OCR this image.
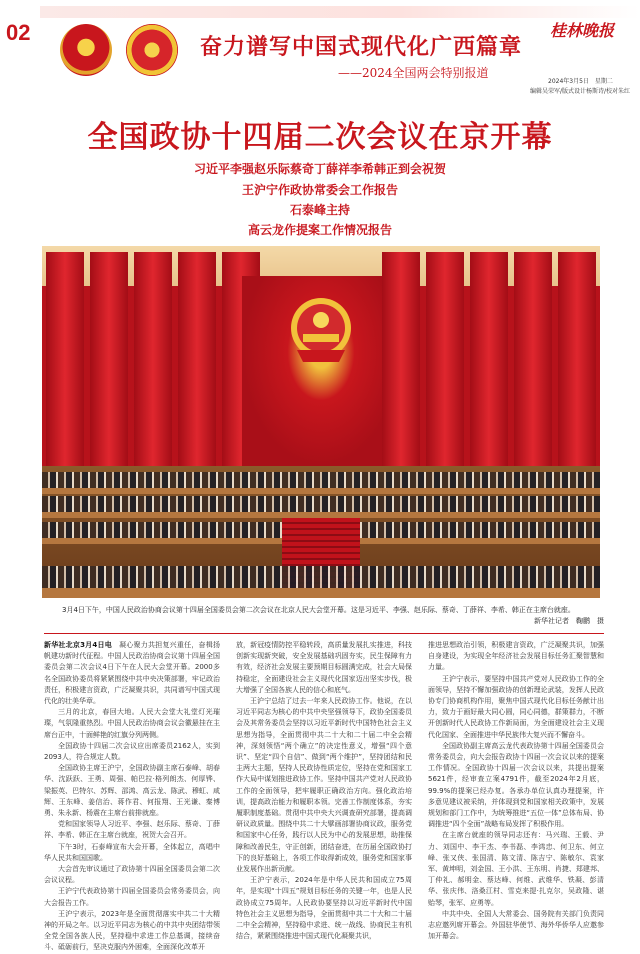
02
奋力谱写中国式现代化广西篇章
——2024全国两会特别报道
桂林晚报
2024年3月5日　星期二
编辑吴荣军/版式设计杨斯诗/校对朱红
全国政协十四届二次会议在京开幕
习近平李强赵乐际蔡奇丁薛祥李希韩正到会祝贺
王沪宁作政协常委会工作报告
石泰峰主持
高云龙作提案工作情况报告
3月4日下午，中国人民政治协商会议第十四届全国委员会第二次会议在北京人民大会堂开幕。这是习近平、李强、赵乐际、蔡奇、丁薛祥、李希、韩正在主席台就座。
新华社记者　鞠鹏　摄

新华社北京3月4日电　 凝心聚力共担复兴重任，奋楫扬帆建功新时代征程。中国人民政治协商会议第十四届全国委员会第二次会议4日下午在人民大会堂开幕。2000多名全国政协委员将紧紧围绕中共中央决策部署，牢记政治责任，积极建言资政，广泛凝聚共识，共同谱写中国式现代化的壮美华章。

三月的北京，春回大地。人民大会堂大礼堂灯光璀璨，气氛隆重热烈。中国人民政治协商会议会徽悬挂在主席台正中，十面鲜艳的红旗分列两侧。

全国政协十四届二次会议应出席委员2162人，实到2093人，符合规定人数。

全国政协主席王沪宁，全国政协副主席石泰峰、胡春华、沈跃跃、王勇、周强、帕巴拉·格列朗杰、何厚铧、梁振英、巴特尔、苏辉、邵鸿、高云龙、陈武、穆虹、咸辉、王东峰、姜信治、蒋作君、何报翔、王光谦、秦博勇、朱永新、杨震在主席台前排就座。

党和国家领导人习近平、李强、赵乐际、蔡奇、丁薛祥、李希、韩正在主席台就座，祝贺大会召开。

下午3时，石泰峰宣布大会开幕，全体起立，高唱中华人民共和国国歌。

大会首先审议通过了政协第十四届全国委员会第二次会议议程。

王沪宁代表政协第十四届全国委员会常务委员会，向大会报告工作。

王沪宁表示，2023年是全面贯彻落实中共二十大精神的开局之年。以习近平同志为核心的中共中央团结带领全党全国各族人民，坚持稳中求进工作总基调，接续奋斗、砥砺前行，坚决克服内外困难，全面深化改革开

放，新冠疫情防控平稳转段，高质量发展扎实推进，科技创新实现新突破，安全发展基础巩固夯实，民生保障有力有效，经济社会发展主要预期目标圆满完成，社会大局保持稳定，全面建设社会主义现代化国家迈出坚实步伐，极大增强了全国各族人民的信心和底气。

王沪宁总结了过去一年来人民政协工作。他说，在以习近平同志为核心的中共中央坚强领导下，政协全国委员会及其常务委员会坚持以习近平新时代中国特色社会主义思想为指导，全面贯彻中共二十大和二十届二中全会精神，深刻领悟“两个确立”的决定性意义，增强“四个意识”、坚定“四个自信”、做到“两个维护”，坚持团结和民主两大主题，坚持人民政协性质定位，坚持在党和国家工作大局中谋划推进政协工作。坚持中国共产党对人民政协工作的全面领导，把牢履职正确政治方向。强化政治培训，提高政治能力和履职本领。完善工作制度体系，夯实履职制度基础。贯彻中共中央大兴调查研究部署，提高调研议政质量。围绕中共二十大擘画部署协商议政，服务党和国家中心任务，践行以人民为中心的发展思想，助推保障和改善民生，守正创新，团结奋进，在历届全国政协打下的良好基础上，各项工作取得新成效，服务党和国家事业发展作出新贡献。

王沪宁表示，2024年是中华人民共和国成立75周年，是实现“十四五”规划目标任务的关键一年，也是人民政协成立75周年。人民政协要坚持以习近平新时代中国特色社会主义思想为指导，全面贯彻中共二十大和二十届二中全会精神，坚持稳中求进、统一战线、协商民主有机结合，紧紧围绕推进中国式现代化凝聚共识，

推进思想政治引领，积极建言资政，广泛凝聚共识，加强自身建设，为实现全年经济社会发展目标任务汇聚智慧和力量。

王沪宁表示，要坚持中国共产党对人民政协工作的全面领导，坚持不懈加强政协的创新理论武装，发挥人民政协专门协商机构作用，聚焦中国式现代化目标任务献计出力，致力于画好最大同心圆，同心同德，群策群力，不断开创新时代人民政协工作新局面，为全面建设社会主义现代化国家、全面推进中华民族伟大复兴而不懈奋斗。

全国政协副主席高云龙代表政协第十四届全国委员会常务委员会，向大会报告政协十四届一次会议以来的提案工作情况。全国政协十四届一次会议以来，共提出提案5621件，经审查立案4791件，截至2024年2月底，99.9%的提案已经办复。各承办单位认真办理提案，许多意见建议被采纳，并体现到党和国家相关政策中，发展规划和部门工作中，为统筹推进“五位一体”总体布局、协调推进“四个全面”战略布局发挥了积极作用。

在主席台就座的领导同志还有：马兴瑞、王毅、尹力、刘国中、李干杰、李书磊、李鸿忠、何卫东、何立峰、张又侠、张国清、陈文清、陈吉宁、陈敏尔、袁家军、黄坤明，刘金国、王小洪、王东明、肖捷、郑建邦、丁仲礼、郝明金、蔡达峰、何维、武维华、铁凝、彭清华、张庆伟、洛桑江村、雪克来提·扎克尔，吴政隆、谌贻琴，张军、应勇等。

中共中央、全国人大常委会、国务院有关部门负责同志应邀列席开幕会。外国驻华使节、海外华侨华人应邀参加开幕会。
